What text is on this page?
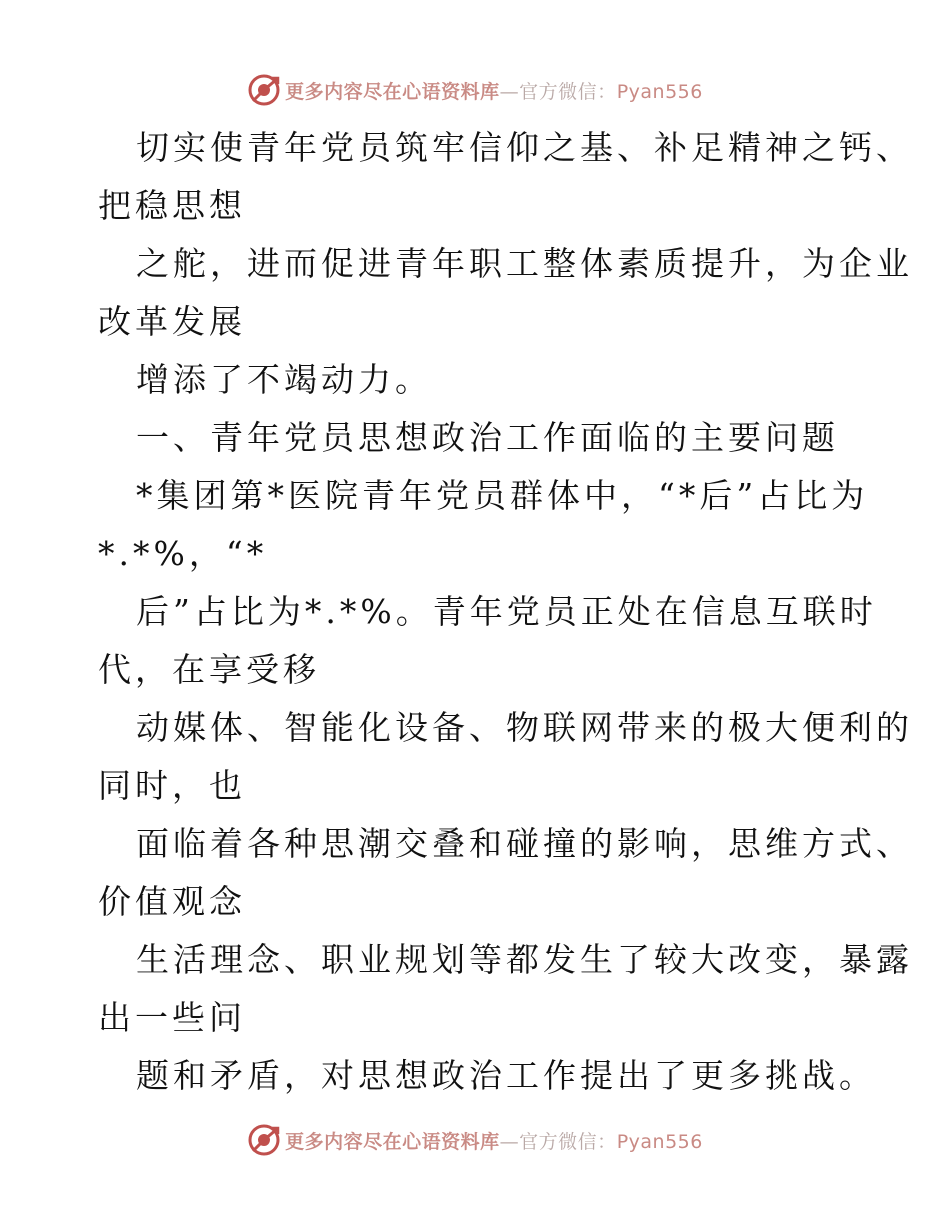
更多内容尽在心语资料库—官方微信：Pyan556
切实使青年党员筑牢信仰之基、补足精神之钙、
把稳思想
之舵，进而促进青年职工整体素质提升，为企业
改革发展
增添了不竭动力。
一、青年党员思想政治工作面临的主要问题
*集团第*医院青年党员群体中，“*后”占比为
*.*%，“*
后”占比为*.*%。青年党员正处在信息互联时
代，在享受移
动媒体、智能化设备、物联网带来的极大便利的
同时，也
面临着各种思潮交叠和碰撞的影响，思维方式、
价值观念
生活理念、职业规划等都发生了较大改变，暴露
出一些问
题和矛盾，对思想政治工作提出了更多挑战。
更多内容尽在心语资料库—官方微信：Pyan556
